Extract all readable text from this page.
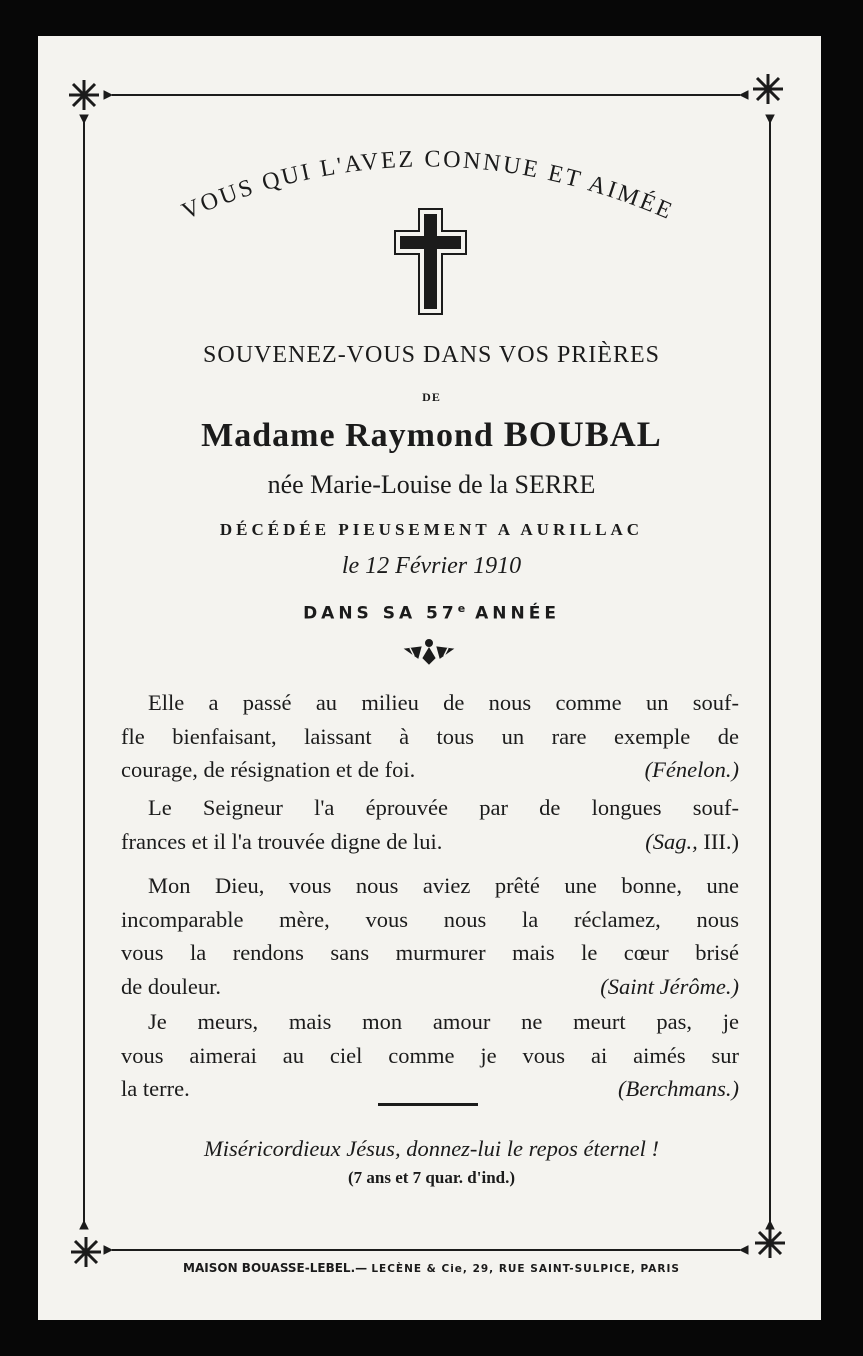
VOUS QUI L'AVEZ CONNUE ET AIMÉE
SOUVENEZ-VOUS DANS VOS PRIÈRES
DE
Madame Raymond BOUBAL
née Marie-Louise de la SERRE
DÉCÉDÉE PIEUSEMENT A AURILLAC
le 12 Février 1910
DANS SA 57e ANNÉE
Elle a passé au milieu de nous comme un souf-
fle bienfaisant, laissant à tous un rare exemple de
courage, de résignation et de foi.	(Fénelon.)
Le Seigneur l'a éprouvée par de longues souf-
frances et il l'a trouvée digne de lui.	(Sag., III.)
Mon Dieu, vous nous aviez prêté une bonne, une
incomparable mère, vous nous la réclamez, nous
vous la rendons sans murmurer mais le cœur brisé
de douleur.	(Saint Jérôme.)
Je meurs, mais mon amour ne meurt pas, je
vous aimerai au ciel comme je vous ai aimés sur
la terre.	(Berchmans.)
Miséricordieux Jésus, donnez-lui le repos éternel !
(7 ans et 7 quar. d'ind.)
MAISON BOUASSE-LEBEL.— LECÈNE & Cie, 29, RUE SAINT-SULPICE, PARIS
